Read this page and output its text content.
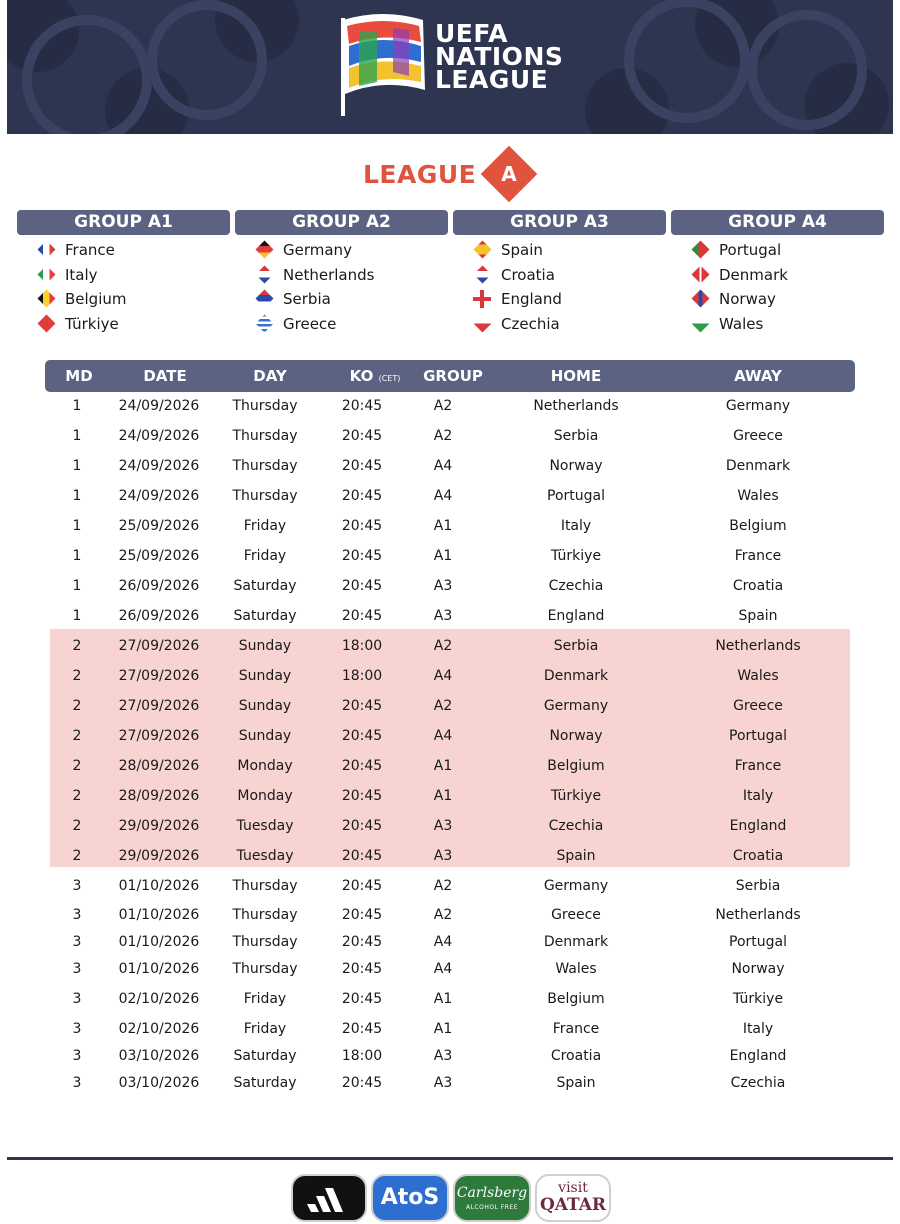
UEFA
NATIONS
LEAGUE
LEAGUE	A
GROUP A1
France
Italy
Belgium
Türkiye
GROUP A2
Germany
Netherlands
Serbia
Greece
GROUP A3
Spain
Croatia
England
Czechia
GROUP A4
Portugal
Denmark
Norway
Wales
MD	DATE	DAY	KO (CET)	GROUP	HOME	AWAY
1	24/09/2026	Thursday	20:45	A2	Netherlands	Germany
1	24/09/2026	Thursday	20:45	A2	Serbia	Greece
1	24/09/2026	Thursday	20:45	A4	Norway	Denmark
1	24/09/2026	Thursday	20:45	A4	Portugal	Wales
1	25/09/2026	Friday	20:45	A1	Italy	Belgium
1	25/09/2026	Friday	20:45	A1	Türkiye	France
1	26/09/2026	Saturday	20:45	A3	Czechia	Croatia
1	26/09/2026	Saturday	20:45	A3	England	Spain
2	27/09/2026	Sunday	18:00	A2	Serbia	Netherlands
2	27/09/2026	Sunday	18:00	A4	Denmark	Wales
2	27/09/2026	Sunday	20:45	A2	Germany	Greece
2	27/09/2026	Sunday	20:45	A4	Norway	Portugal
2	28/09/2026	Monday	20:45	A1	Belgium	France
2	28/09/2026	Monday	20:45	A1	Türkiye	Italy
2	29/09/2026	Tuesday	20:45	A3	Czechia	England
2	29/09/2026	Tuesday	20:45	A3	Spain	Croatia
3	01/10/2026	Thursday	20:45	A2	Germany	Serbia
3	01/10/2026	Thursday	20:45	A2	Greece	Netherlands
3	01/10/2026	Thursday	20:45	A4	Denmark	Portugal
3	01/10/2026	Thursday	20:45	A4	Wales	Norway
3	02/10/2026	Friday	20:45	A1	Belgium	Türkiye
3	02/10/2026	Friday	20:45	A1	France	Italy
3	03/10/2026	Saturday	18:00	A3	Croatia	England
3	03/10/2026	Saturday	20:45	A3	Spain	Czechia
AtoS	Carlsberg
ALCOHOL FREE
visit
QATAR
